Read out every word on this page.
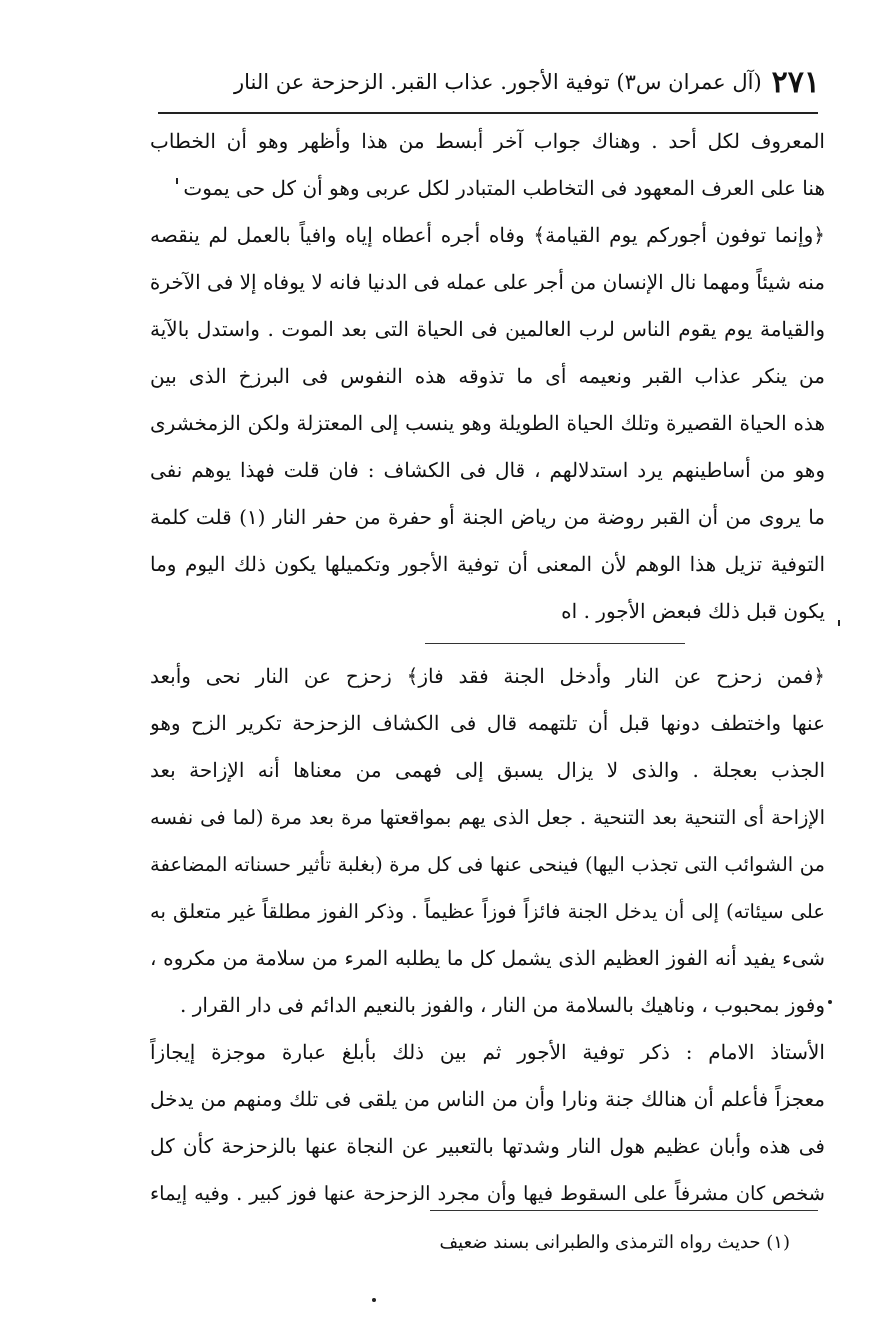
٢٧١
(آل عمران س٣) توفية الأجور. عذاب القبر. الزحزحة عن النار
المعروف لكل أحد . وهناك جواب آخر أبسط من هذا وأظهر وهو أن الخطاب
هنا على العرف المعهود فى التخاطب المتبادر لكل عربى وهو أن كل حى يموت
﴿وإنما توفون أجوركم يوم القيامة﴾ وفاه أجره أعطاه إياه وافياً بالعمل لم ينقصه
منه شيئاً ومهما نال الإنسان من أجر على عمله فى الدنيا فانه لا يوفاه إلا فى الآخرة
والقيامة يوم يقوم الناس لرب العالمين فى الحياة التى بعد الموت . واستدل بالآية
من ينكر عذاب القبر ونعيمه أى ما تذوقه هذه النفوس فى البرزخ الذى بين
هذه الحياة القصيرة وتلك الحياة الطويلة وهو ينسب إلى المعتزلة ولكن الزمخشرى
وهو من أساطينهم يرد استدلالهم ، قال فى الكشاف : فان قلت فهذا يوهم نفى
ما يروى من أن القبر روضة من رياض الجنة أو حفرة من حفر النار (١) قلت كلمة
التوفية تزيل هذا الوهم لأن المعنى أن توفية الأجور وتكميلها يكون ذلك اليوم وما
يكون قبل ذلك فبعض الأجور . اه
﴿فمن زحزح عن النار وأدخل الجنة فقد فاز﴾ زحزح عن النار نحى وأبعد
عنها واختطف دونها قبل أن تلتهمه قال فى الكشاف الزحزحة تكرير الزح وهو
الجذب بعجلة . والذى لا يزال يسبق إلى فهمى من معناها أنه الإزاحة بعد
الإزاحة أى التنحية بعد التنحية . جعل الذى يهم بمواقعتها مرة بعد مرة (لما فى نفسه
من الشوائب التى تجذب اليها) فينحى عنها فى كل مرة (بغلبة تأثير حسناته المضاعفة
على سيئاته) إلى أن يدخل الجنة فائزاً فوزاً عظيماً . وذكر الفوز مطلقاً غير متعلق به
شىء يفيد أنه الفوز العظيم الذى يشمل كل ما يطلبه المرء من سلامة من مكروه ،
وفوز بمحبوب ، وناهيك بالسلامة من النار ، والفوز بالنعيم الدائم فى دار القرار .
الأستاذ الامام : ذكر توفية الأجور ثم بين ذلك بأبلغ عبارة موجزة إيجازاً
معجزاً فأعلم أن هنالك جنة ونارا وأن من الناس من يلقى فى تلك ومنهم من يدخل
فى هذه وأبان عظيم هول النار وشدتها بالتعبير عن النجاة عنها بالزحزحة كأن كل
شخص كان مشرفاً على السقوط فيها وأن مجرد الزحزحة عنها فوز كبير . وفيه إيماء
(١) حديث رواه الترمذى والطبرانى بسند ضعيف
